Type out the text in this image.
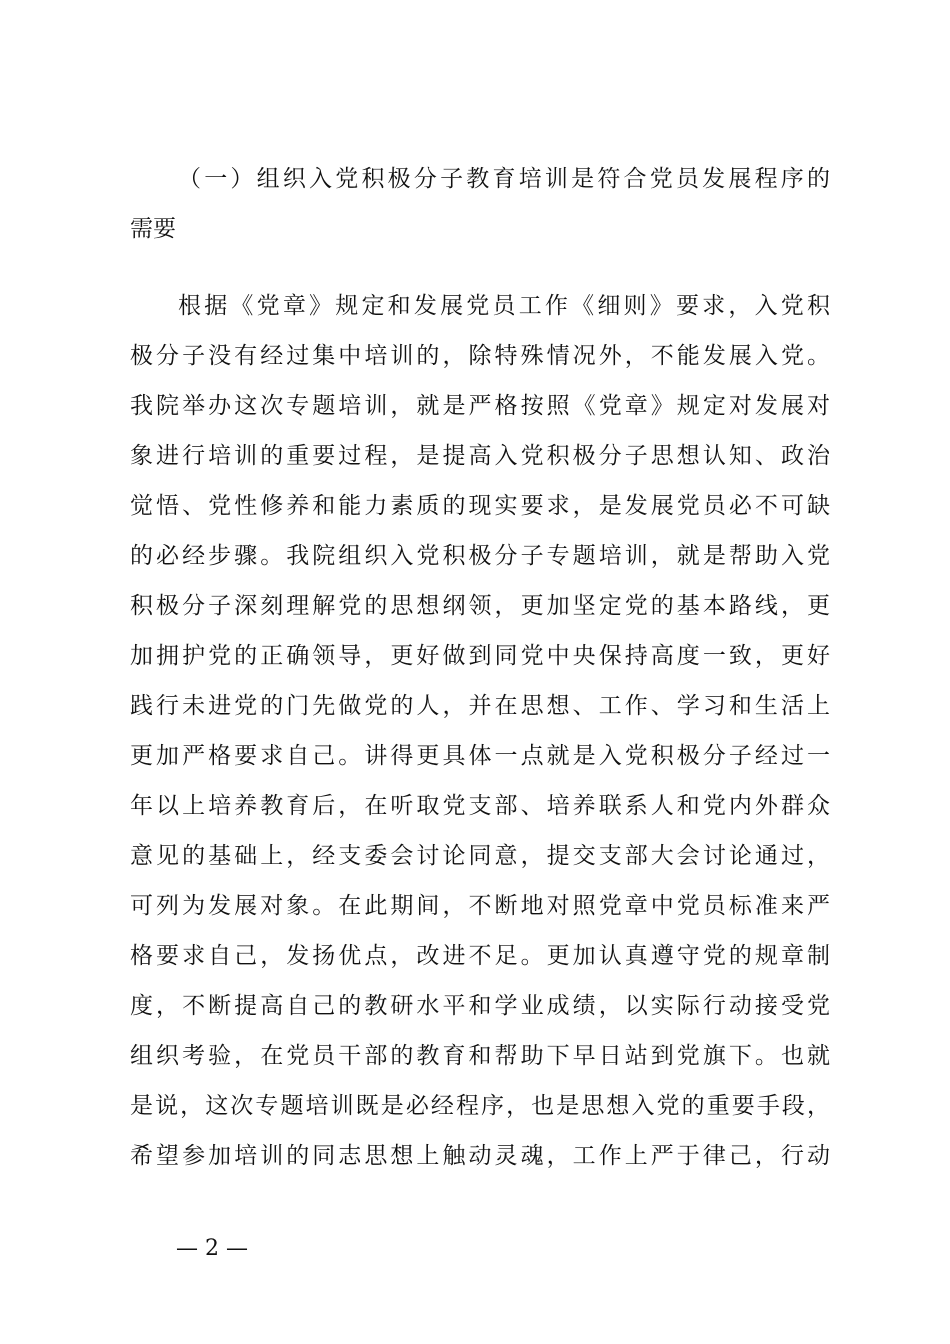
（一）组织入党积极分子教育培训是符合党员发展程序的
需要
根据《党章》规定和发展党员工作《细则》要求，入党积
极分子没有经过集中培训的，除特殊情况外，不能发展入党。
我院举办这次专题培训，就是严格按照《党章》规定对发展对
象进行培训的重要过程，是提高入党积极分子思想认知、政治
觉悟、党性修养和能力素质的现实要求，是发展党员必不可缺
的必经步骤。我院组织入党积极分子专题培训，就是帮助入党
积极分子深刻理解党的思想纲领，更加坚定党的基本路线，更
加拥护党的正确领导，更好做到同党中央保持高度一致，更好
践行未进党的门先做党的人，并在思想、工作、学习和生活上
更加严格要求自己。讲得更具体一点就是入党积极分子经过一
年以上培养教育后，在听取党支部、培养联系人和党内外群众
意见的基础上，经支委会讨论同意，提交支部大会讨论通过，
可列为发展对象。在此期间，不断地对照党章中党员标准来严
格要求自己，发扬优点，改进不足。更加认真遵守党的规章制
度，不断提高自己的教研水平和学业成绩，以实际行动接受党
组织考验，在党员干部的教育和帮助下早日站到党旗下。也就
是说，这次专题培训既是必经程序，也是思想入党的重要手段，
希望参加培训的同志思想上触动灵魂，工作上严于律己，行动
— 2 —
